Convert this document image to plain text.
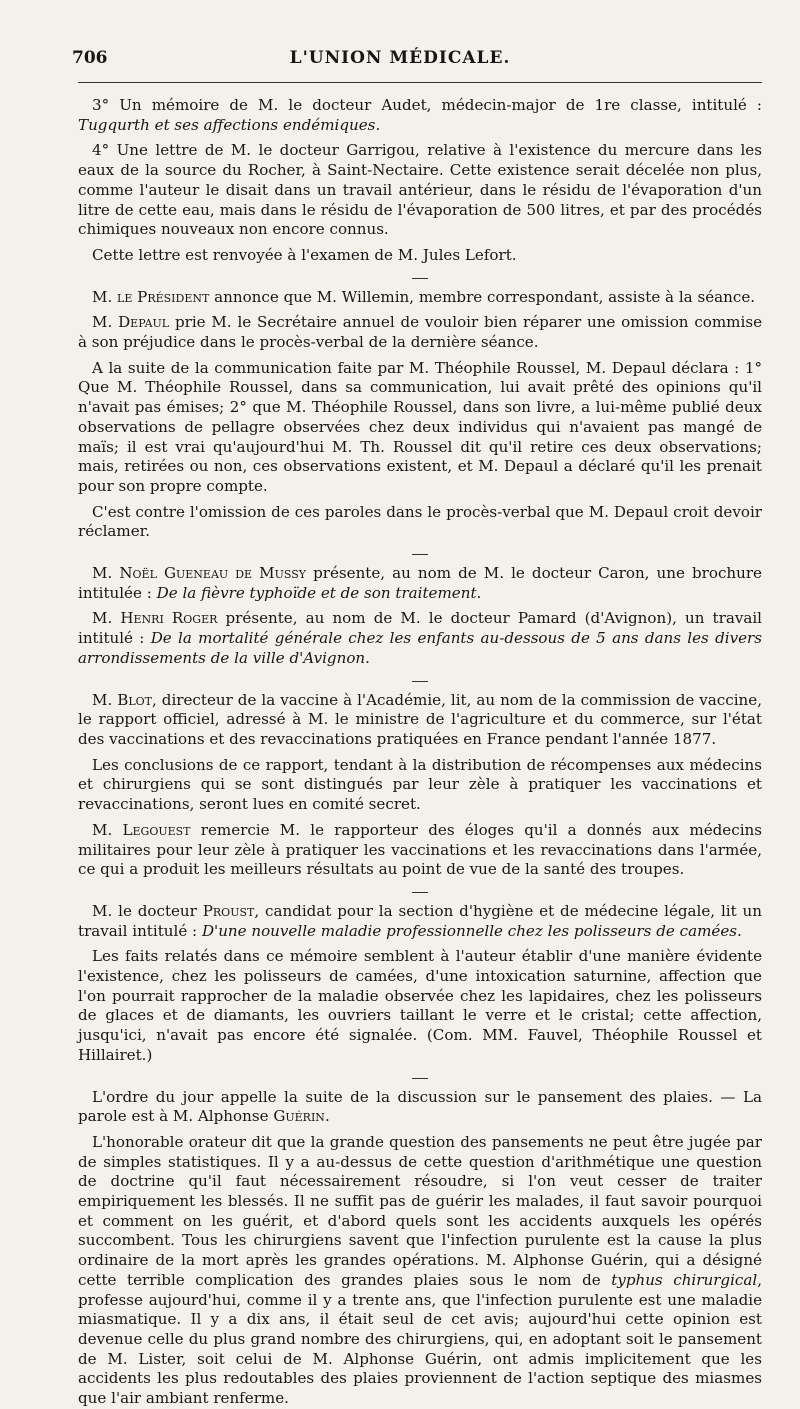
706	L'UNION MÉDICALE.

3° Un mémoire de M. le docteur Audet, médecin-major de 1re classe, intitulé : Tugqurth et ses affections endémiques.

4° Une lettre de M. le docteur Garrigou, relative à l'existence du mercure dans les eaux de la source du Rocher, à Saint-Nectaire. Cette existence serait décelée non plus, comme l'auteur le disait dans un travail antérieur, dans le résidu de l'évaporation d'un litre de cette eau, mais dans le résidu de l'évaporation de 500 litres, et par des procédés chimiques nouveaux non encore connus.

Cette lettre est renvoyée à l'examen de M. Jules Lefort.

M. le Président annonce que M. Willemin, membre correspondant, assiste à la séance.

M. Depaul prie M. le Secrétaire annuel de vouloir bien réparer une omission commise à son préjudice dans le procès-verbal de la dernière séance.

A la suite de la communication faite par M. Théophile Roussel, M. Depaul déclara : 1° Que M. Théophile Roussel, dans sa communication, lui avait prêté des opinions qu'il n'avait pas émises; 2° que M. Théophile Roussel, dans son livre, a lui-même publié deux observations de pellagre observées chez deux individus qui n'avaient pas mangé de maïs; il est vrai qu'aujourd'hui M. Th. Roussel dit qu'il retire ces deux observations; mais, retirées ou non, ces observations existent, et M. Depaul a déclaré qu'il les prenait pour son propre compte.

C'est contre l'omission de ces paroles dans le procès-verbal que M. Depaul croit devoir réclamer.

M. Noël Gueneau de Mussy présente, au nom de M. le docteur Caron, une brochure intitulée : De la fièvre typhoïde et de son traitement.

M. Henri Roger présente, au nom de M. le docteur Pamard (d'Avignon), un travail intitulé : De la mortalité générale chez les enfants au-dessous de 5 ans dans les divers arrondissements de la ville d'Avignon.

M. Blot, directeur de la vaccine à l'Académie, lit, au nom de la commission de vaccine, le rapport officiel, adressé à M. le ministre de l'agriculture et du commerce, sur l'état des vaccinations et des revaccinations pratiquées en France pendant l'année 1877.

Les conclusions de ce rapport, tendant à la distribution de récompenses aux médecins et chirurgiens qui se sont distingués par leur zèle à pratiquer les vaccinations et revaccinations, seront lues en comité secret.

M. Legouest remercie M. le rapporteur des éloges qu'il a donnés aux médecins militaires pour leur zèle à pratiquer les vaccinations et les revaccinations dans l'armée, ce qui a produit les meilleurs résultats au point de vue de la santé des troupes.

M. le docteur Proust, candidat pour la section d'hygiène et de médecine légale, lit un travail intitulé : D'une nouvelle maladie professionnelle chez les polisseurs de camées.

Les faits relatés dans ce mémoire semblent à l'auteur établir d'une manière évidente l'existence, chez les polisseurs de camées, d'une intoxication saturnine, affection que l'on pourrait rapprocher de la maladie observée chez les lapidaires, chez les polisseurs de glaces et de diamants, les ouvriers taillant le verre et le cristal; cette affection, jusqu'ici, n'avait pas encore été signalée. (Com. MM. Fauvel, Théophile Roussel et Hillairet.)

L'ordre du jour appelle la suite de la discussion sur le pansement des plaies. — La parole est à M. Alphonse Guérin.

L'honorable orateur dit que la grande question des pansements ne peut être jugée par de simples statistiques. Il y a au-dessus de cette question d'arithmétique une question de doctrine qu'il faut nécessairement résoudre, si l'on veut cesser de traiter empiriquement les blessés. Il ne suffit pas de guérir les malades, il faut savoir pourquoi et comment on les guérit, et d'abord quels sont les accidents auxquels les opérés succombent. Tous les chirurgiens savent que l'infection purulente est la cause la plus ordinaire de la mort après les grandes opérations. M. Alphonse Guérin, qui a désigné cette terrible complication des grandes plaies sous le nom de typhus chirurgical, professe aujourd'hui, comme il y a trente ans, que l'infection purulente est une maladie miasmatique. Il y a dix ans, il était seul de cet avis; aujourd'hui cette opinion est devenue celle du plus grand nombre des chirurgiens, qui, en adoptant soit le pansement de M. Lister, soit celui de M. Alphonse Guérin, ont admis implicitement que les accidents les plus redoutables des plaies proviennent de l'action septique des miasmes que l'air ambiant renferme.
